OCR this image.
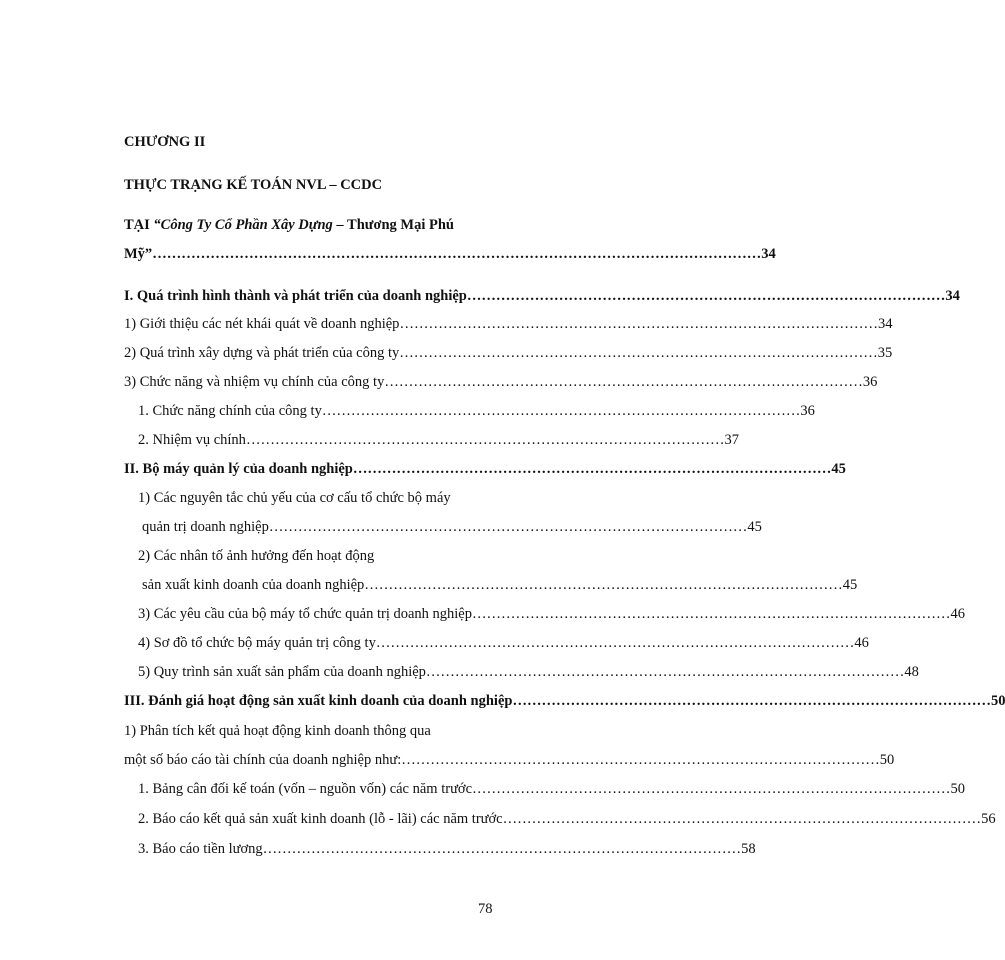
CHƯƠNG II
THỰC TRẠNG KẾ TOÁN NVL – CCDC
TẠI “Công Ty Cổ Phần Xây Dựng – Thương Mại Phú
Mỹ” ……………………………………………………………………………………………………………… 34
I. Quá trình hình thành và phát triển của doanh nghiệp ……………………………………………………………………………………… 34
1) Giới thiệu các nét khái quát về doanh nghiệp ……………………………………………………………………………………… 34
2) Quá trình xây dựng và phát triển của công ty ……………………………………………………………………………………… 35
3) Chức năng và nhiệm vụ chính của công ty ……………………………………………………………………………………… 36
1. Chức năng chính của công ty ……………………………………………………………………………………… 36
2. Nhiệm vụ chính ……………………………………………………………………………………… 37
II. Bộ máy quản lý của doanh nghiệp ……………………………………………………………………………………… 45
1) Các nguyên tắc chủ yếu của cơ cấu tổ chức bộ máy
quản trị doanh nghiệp ……………………………………………………………………………………… 45
2) Các nhân tố ảnh hưởng đến hoạt động
sản xuất kinh doanh của doanh nghiệp ……………………………………………………………………………………… 45
3) Các yêu cầu của bộ máy tổ chức quản trị doanh nghiệp ……………………………………………………………………………………… 46
4) Sơ đồ tổ chức bộ máy quản trị công ty ……………………………………………………………………………………… 46
5) Quy trình sản xuất sản phẩm của doanh nghiệp ……………………………………………………………………………………… 48
III. Đánh giá hoạt động sản xuất kinh doanh của doanh nghiệp ……………………………………………………………………………………… 50
1) Phân tích kết quả hoạt động kinh doanh thông qua
một số báo cáo tài chính của doanh nghiệp như: ……………………………………………………………………………………… 50
1. Bảng cân đối kế toán (vốn – nguồn vốn) các năm trước ……………………………………………………………………………………… 50
2. Báo cáo kết quả sản xuất kinh doanh (lỗ - lãi) các năm trước ……………………………………………………………………………………… 56
3. Báo cáo tiền lương ……………………………………………………………………………………… 58
78
